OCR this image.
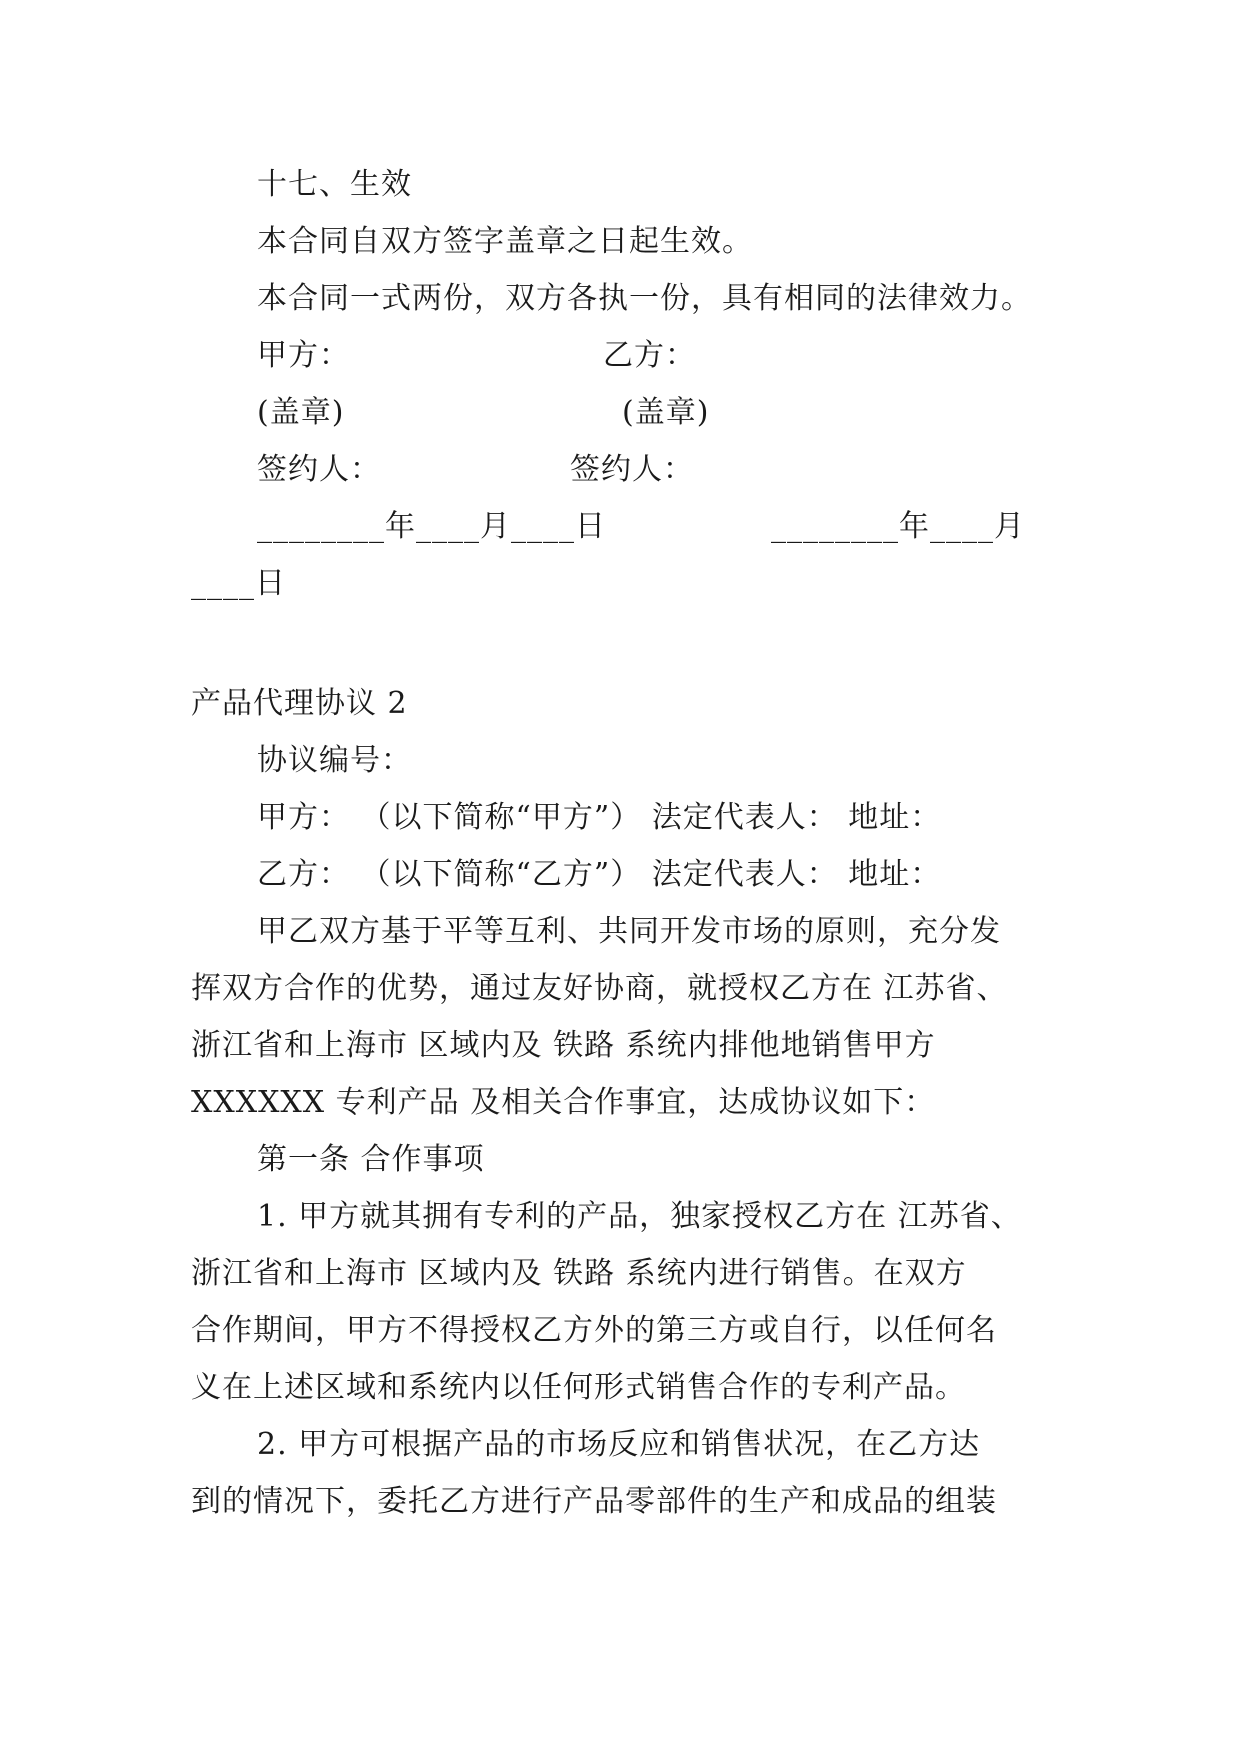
十七、生效
本合同自双方签字盖章之日起生效。
本合同一式两份，双方各执一份，具有相同的法律效力。
甲方：	乙方：
(盖章)	(盖章)
签约人：	签约人：
________年____月____日	________年____月
____日
产品代理协议 2
协议编号：
甲方： （以下简称“甲方”） 法定代表人： 地址：
乙方： （以下简称“乙方”） 法定代表人： 地址：
甲乙双方基于平等互利、共同开发市场的原则，充分发
挥双方合作的优势，通过友好协商，就授权乙方在 江苏省、
浙江省和上海市 区域内及 铁路 系统内排他地销售甲方
XXXXXX 专利产品 及相关合作事宜，达成协议如下：
第一条 合作事项
1. 甲方就其拥有专利的产品，独家授权乙方在 江苏省、
浙江省和上海市 区域内及 铁路 系统内进行销售。在双方
合作期间，甲方不得授权乙方外的第三方或自行，以任何名
义在上述区域和系统内以任何形式销售合作的专利产品。
2. 甲方可根据产品的市场反应和销售状况，在乙方达
到的情况下，委托乙方进行产品零部件的生产和成品的组装
